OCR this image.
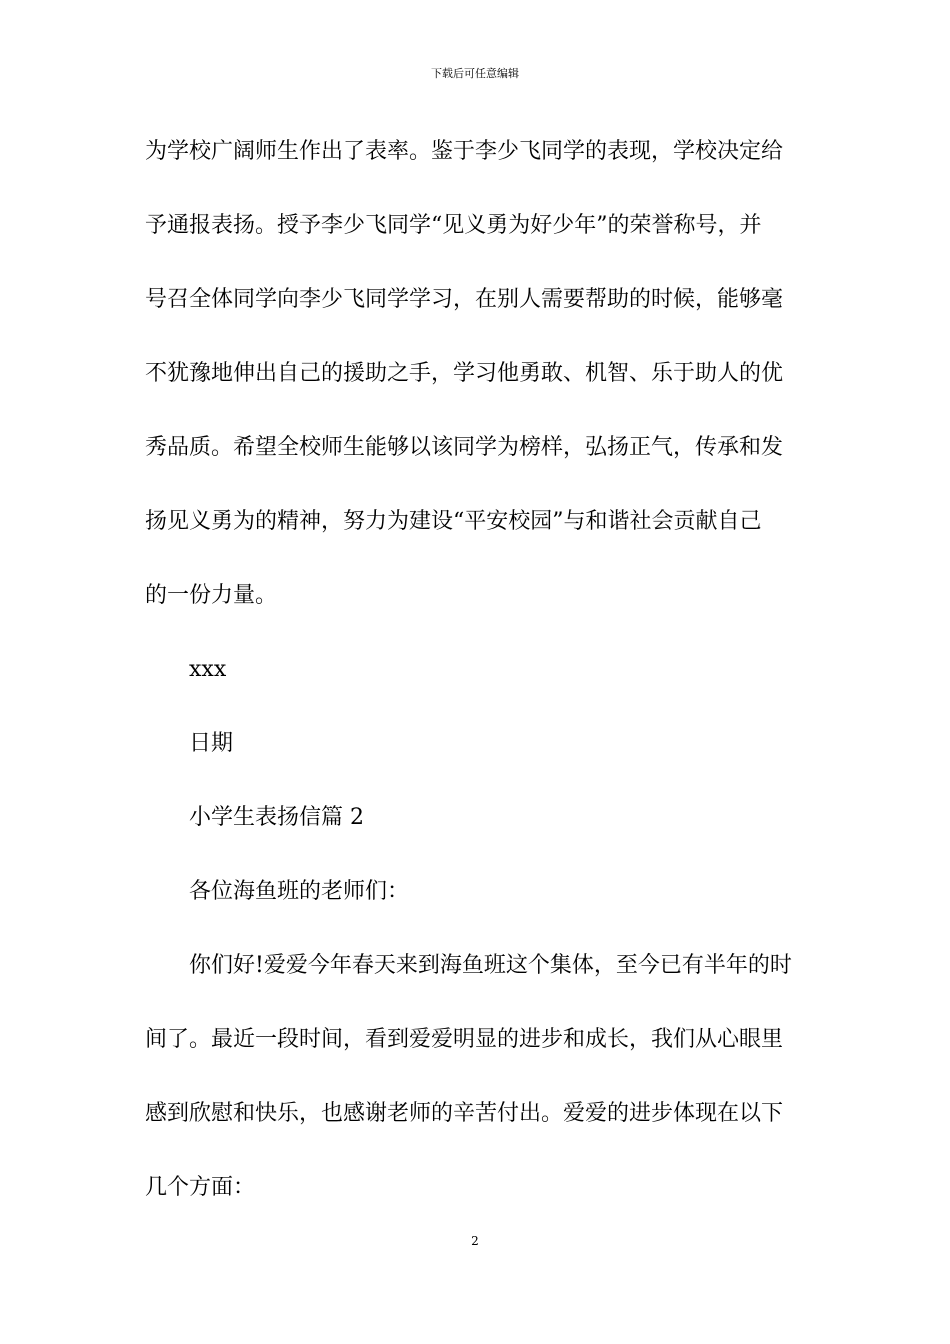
下载后可任意编辑
为学校广阔师生作出了表率。鉴于李少飞同学的表现，学校决定给
予通报表扬。授予李少飞同学“见义勇为好少年”的荣誉称号，并
号召全体同学向李少飞同学学习，在别人需要帮助的时候，能够毫
不犹豫地伸出自己的援助之手，学习他勇敢、机智、乐于助人的优
秀品质。希望全校师生能够以该同学为榜样，弘扬正气，传承和发
扬见义勇为的精神，努力为建设“平安校园”与和谐社会贡献自己
的一份力量。
xxx
日期
小学生表扬信篇 2
各位海鱼班的老师们：
你们好!爱爱今年春天来到海鱼班这个集体，至今已有半年的时
间了。最近一段时间，看到爱爱明显的进步和成长，我们从心眼里
感到欣慰和快乐，也感谢老师的辛苦付出。爱爱的进步体现在以下
几个方面：
2
